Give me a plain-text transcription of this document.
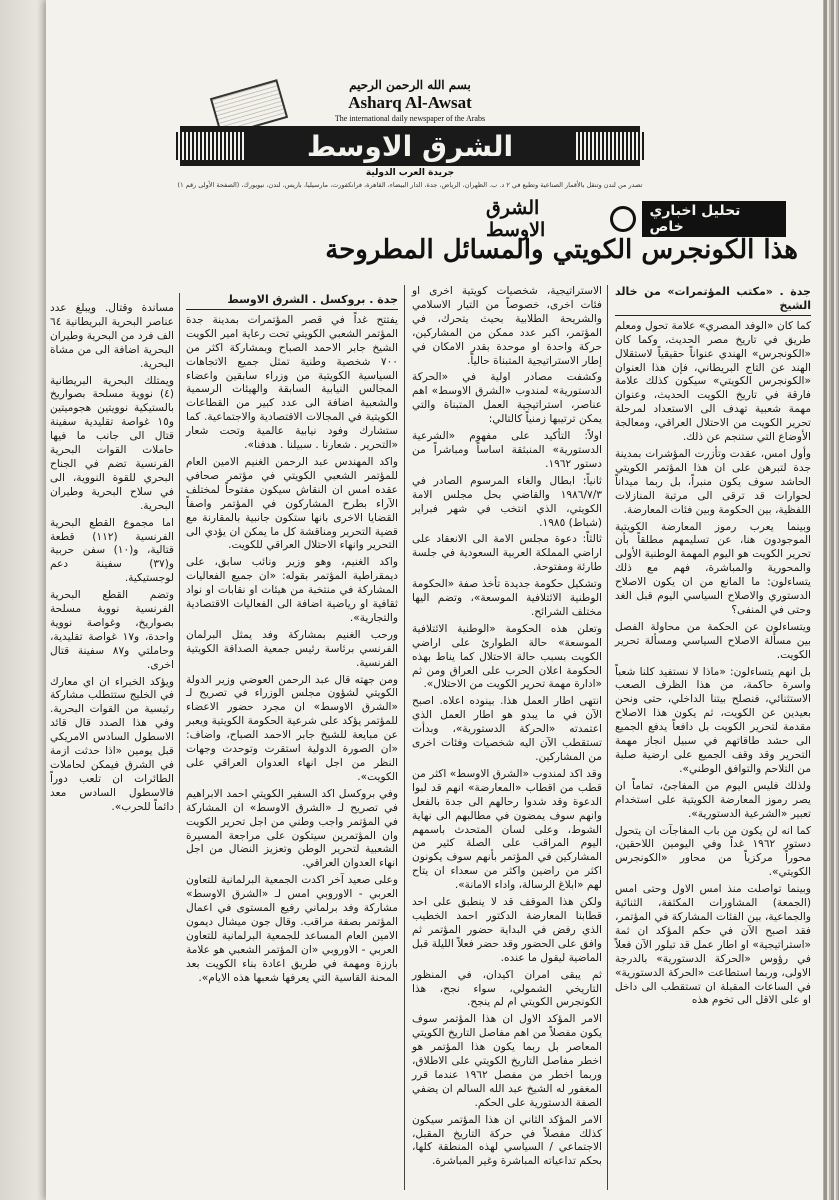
بسم الله الرحمن الرحيم
Asharq Al-Awsat
The international daily newspaper of the Arabs
الشرق الاوسط
جريدة العرب الدولية
تصدر من لندن وتنقل بالأقمار الصناعية وتطبع في ٢ د. ب. الظهران، الرياض، جدة، الدار البيضاء، القاهرة، فرانكفورت، مارسيليا، باريس، لندن، نيويورك، (الصفحة الأولى رقم ١)
الشرق الاوسط
تحليل اخباري خاص
هذا الكونجرس الكويتي والمسائل المطروحة
جدة . «مكتب المؤتمرات» من خالد الشيخ

كما كان «الوفد المصري» علامة تحول ومعلم طريق في تاريخ مصر الحديث، وكما كان «الكونجرس» الهندي عنواناً حقيقياً لاستقلال الهند عن التاج البريطاني، فإن هذا العنوان «الكونجرس الكويتي» سيكون كذلك علامة فارقة في تاريخ الكويت الحديث، وعنوان مهمة شعبية تهدف الى الاستعداد لمرحلة تحرير الكويت من الاحتلال العراقي، ومعالجة الأوضاع التي ستنجم عن ذلك.

وأول امس، عقدت وتأزرت المؤشرات بمدينة جدة لتبرهن على ان هذا المؤتمر الكويتي الحاشد سوف يكون منبراً، بل ربما ميداناً لحوارات قد ترقى الى مرتبة المنازلات اللفظية، بين الحكومة وبين فئات المعارضة.

وبينما يعرب رموز المعارضة الكويتية الموجودون هنا، عن تسليمهم مطلقاً بأن تحرير الكويت هو اليوم المهمة الوطنية الأولى والمحورية والمباشرة، فهم مع ذلك يتساءلون: ما المانع من ان يكون الاصلاح الدستوري والاصلاح السياسي اليوم قبل الغد وحتى في المنفى؟

ويتساءلون عن الحكمة من محاولة الفصل بين مسألة الاصلاح السياسي ومسألة تحرير الكويت.

بل انهم يتساءلون: «ماذا لا نستفيد كلنا شعباً واسرة حاكمة، من هذا الظرف الصعب الاستثنائي، فنصلح بيتنا الداخلي، حتى ونحن بعيدين عن الكويت، ثم يكون هذا الاصلاح مقدمة لتحرير الكويت بل دافعاً يدفع الجميع الى حشد طاقاتهم في سبيل انجاز مهمة التحرير وقد وقف الجميع على ارضية صلبة من التلاحم والتوافق الوطني».

ولذلك فليس اليوم من المفاجئ، تماماً ان يصر رموز المعارضة الكويتية على استخدام تعبير «الشرعية الدستورية».

كما انه لن يكون من باب المفاجآت ان يتحول دستور ١٩٦٢ غداً وفي اليومين اللاحقين، محوراً مركزياً من محاور «الكونجرس الكويتي».

وبينما تواصلت منذ امس الاول وحتى امس (الجمعة) المشاورات المكثفة، الثنائية والجماعية، بين الفئات المشاركة في المؤتمر، فقد اصبح الآن في حكم المؤكد ان ثمة «استراتيجية» او اطار عمل قد تبلور الآن فعلاً في رؤوس «الحركة الدستورية» بالدرجة الاولى، وربما استطاعت «الحركة الدستورية» في الساعات المقبلة ان تستقطب الى داخل او على الاقل الى تخوم هذه

الاستراتيجية، شخصيات كويتية اخرى او فئات اخرى، خصوصاً من التيار الاسلامي والشريحة الطلابية بحيث يتحرك، في المؤتمر، اكبر عدد ممكن من المشاركين، حركة واحدة او موحدة بقدر الامكان في إطار الاستراتيجية المتبناة حالياً.

وكشفت مصادر اولية في «الحركة الدستورية» لمندوب «الشرق الاوسط» اهم عناصر، استراتيجية العمل المتبناة والتي يمكن ترتيبها زمنياً كالتالي:

اولاً: التأكيد على مفهوم «الشرعية الدستورية» المنبثقة اساساً ومباشراً من دستور ١٩٦٢.

ثانياً: ابطال والغاء المرسوم الصادر في ١٩٨٦/٧/٣ والقاضي بحل مجلس الامة الكويتي، الذي انتخب في شهر فبراير (شباط) ١٩٨٥.

ثالثاً: دعوة مجلس الامة الى الانعقاد على اراضي المملكة العربية السعودية في جلسة طارئة ومفتوحة.

وتشكيل حكومة جديدة تأخذ صفة «الحكومة الوطنية الائتلافية الموسعة»، وتضم اليها مختلف الشرائح.

وتعلن هذه الحكومة «الوطنية الائتلافية الموسعة» حالة الطوارئ على اراضي الكويت بسبب حالة الاحتلال كما يناط بهذه الحكومة اعلان الحرب على العراق ومن ثم «ادارة مهمة تحرير الكويت من الاحتلال».

انتهى اطار العمل هذا. بينوده اعلاه. اصبح الآن في ما يبدو هو اطار العمل الذي اعتمدته «الحركة الدستورية»، وبدأت تستقطب الآن اليه شخصيات وفئات اخرى من المشاركين.

وقد اكد لمندوب «الشرق الاوسط» اكثر من قطب من اقطاب «المعارضة» انهم قد لبوا الدعوة وقد شدوا رحالهم الى جدة بالفعل وانهم سوف يمضون في مطالبهم الى نهاية الشوط، وعلى لسان المتحدث باسمهم اليوم المراقب على الصلة كثير من المشاركين في المؤتمر بأنهم سوف يكونون اكثر من راضين واكثر من سعداء ان يتاح لهم «ابلاغ الرسالة، واداء الامانة».

ولكن هذا الموقف قد لا ينطبق على احد قطابنا المعارضة الدكتور احمد الخطيب الذي رفض في البداية حضور المؤتمر ثم وافق على الحضور وقد حضر فعلاً الليلة قبل الماضية ليقول ما عنده.

ثم يبقى امران اكيدان، في المنظور التاريخي الشمولي، سواء نجح، هذا الكونجرس الكويتي ام لم ينجح.

الامر المؤكد الاول ان هذا المؤتمر سوف يكون مفصلاً من اهم مفاصل التاريخ الكويتي المعاصر بل ربما يكون هذا المؤتمر هو اخطر مفاصل التاريخ الكويتي على الاطلاق، وربما اخطر من مفصل ١٩٦٢ عندما قرر المغفور له الشيخ عبد الله السالم ان يضفي الصفة الدستورية على الحكم.

الامر المؤكد الثاني ان هذا المؤتمر سيكون كذلك مفصلاً في حركة التاريخ المقبل، الاجتماعي / السياسي لهذه المنطقة كلها، بحكم تداعياته المباشرة وغير المباشرة.

جدة . بروكسل . الشرق الاوسط

يفتتح غداً في قصر المؤتمرات بمدينة جدة المؤتمر الشعبي الكويتي تحت رعاية امير الكويت الشيخ جابر الاحمد الصباح وبمشاركة اكثر من ٧٠٠ شخصية وطنية تمثل جميع الاتجاهات السياسية الكويتية من وزراء سابقين واعضاء المجالس النيابية السابقة والهيئات الرسمية والشعبية اضافة الى عدد كبير من القطاعات الكويتية في المجالات الاقتصادية والاجتماعية. كما ستشارك وفود نيابية عالمية وتحت شعار «التحرير . شعارنا . سبيلنا . هدفنا».

واكد المهندس عبد الرحمن الغنيم الامين العام للمؤتمر الشعبي الكويتي في مؤتمر صحافي عقده امس ان النقاش سيكون مفتوحاً لمختلف الآراء بطرح المشاركون في المؤتمر واصفاً القضايا الاخرى بانها ستكون جانبية بالمقارنة مع قضية التحرير ومناقشة كل ما يمكن ان يؤدي الى التحرير وانهاء الاحتلال العراقي للكويت.

واكد الغنيم، وهو وزير ونائب سابق، على ديمقراطية المؤتمر بقوله: «ان جميع الفعاليات المشاركة في منتخبة من هيئات او نقابات او نواد ثقافية او رياضية اضافة الى الفعاليات الاقتصادية والتجارية».

ورحب الغنيم بمشاركة وفد يمثل البرلمان الفرنسي برئاسة رئيس جمعية الصداقة الكويتية الفرنسية.

ومن جهته قال عبد الرحمن العوضي وزير الدولة الكويتي لشؤون مجلس الوزراء في تصريح لـ «الشرق الاوسط» ان مجرد حضور الاعضاء للمؤتمر يؤكد على شرعية الحكومة الكويتية ويعبر عن مبايعة للشيخ جابر الاحمد الصباح، واضاف: «ان الصورة الدولية استقرت وتوحدت وجهات النظر من اجل انهاء العدوان العراقي على الكويت».

وفي بروكسل اكد السفير الكويتي احمد الابراهيم في تصريح لـ «الشرق الاوسط» ان المشاركة في المؤتمر واجب وطني من اجل تحرير الكويت وان المؤتمرين سيتكون على مراجعة المسيرة الشعبية لتحرير الوطن وتعزيز النضال من اجل انهاء العدوان العراقي.

وعلى صعيد آخر اكدت الجمعية البرلمانية للتعاون العربي - الاوروبي امس لـ «الشرق الاوسط» مشاركة وفد برلماني رفيع المستوى في اعمال المؤتمر بصفة مراقب. وقال جون ميشال ديمون الامين العام المساعد للجمعية البرلمانية للتعاون العربي - الاوروبي «ان المؤتمر الشعبي هو علامة بارزة ومهمة في طريق اعادة بناء الكويت بعد المحنة القاسية التي يعرفها شعبها هذه الايام».

مساندة وقتال. ويبلغ عدد عناصر البحرية البريطانية ٦٤ الف فرد من البحرية وطيران البحرية اضافة الى من مشاة البحرية.

ويمتلك البحرية البريطانية (٤) نووية مسلحة بصواريخ بالستيكية نوويتين هجوميتين و١٥ غواصة تقليدية سفينة قتال الى جانب ما فيها حاملات القوات البحرية الفرنسية تضم في الجناح البحري للقوة النووية، الى في سلاح البحرية وطيران البحرية.

اما مجموع القطع البحرية الفرنسية (١١٢) قطعة قتالية، و(١٠) سفن حربية و(٣٧) سفينة دعم لوجستيكية.

وتضم القطع البحرية الفرنسية نووية مسلحة بصواريخ، وغواصة نووية واحدة، و١٧ غواصة تقليدية، وحاملتي و٨٧ سفينة قتال اخرى.

ويؤكد الخبراء ان اي معارك في الخليج ستتطلب مشاركة رئيسية من القوات البحرية. وفي هذا الصدد قال قائد الاسطول السادس الامريكي قبل يومين «اذا حدثت ازمة في الشرق فيمكن لحاملات الطائرات ان تلعب دوراً فالاسطول السادس معد دائماً للحرب».
